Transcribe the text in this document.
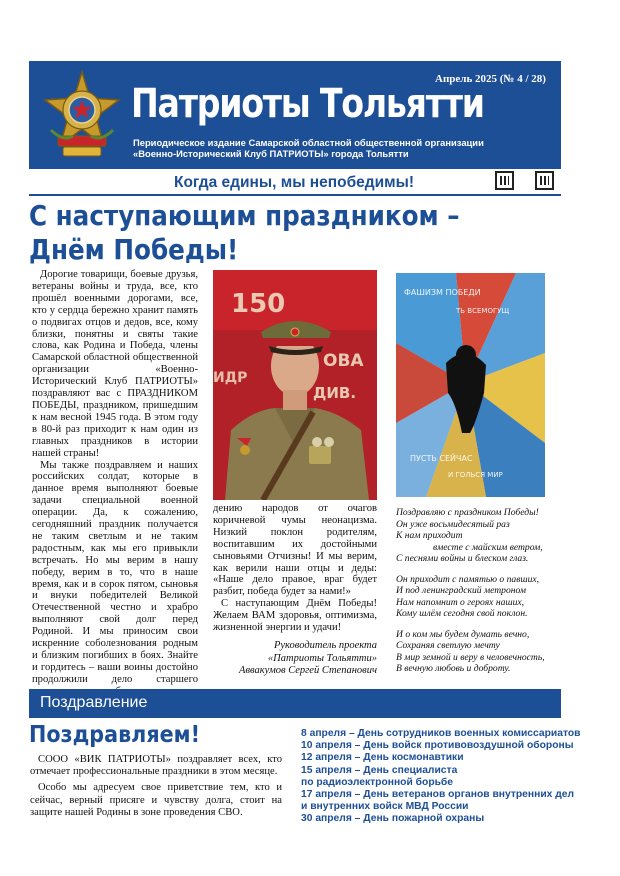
Апрель 2025 (№ 4 / 28)
Патриоты Тольятти
Периодическое издание Самарской областной общественной организации
«Военно-Исторический Клуб ПАТРИОТЫ» города Тольятти
Когда едины, мы непобедимы!
С наступающим праздником –
Днём Победы!

Дорогие товарищи, боевые друзья, ветераны войны и труда, все, кто прошёл военными дорогами, все, кто у сердца бережно хранит память о подвигах отцов и дедов, все, кому близки, понятны и святы такие слова, как Родина и Победа, члены Самарской областной общественной организации «Военно-Исторический Клуб ПАТРИОТЫ» поздравляют вас с ПРАЗДНИКОМ ПОБЕДЫ, праздником, пришедшим к нам весной 1945 года. В этом году в 80-й раз приходит к нам один из главных праздников в истории нашей страны!

Мы также поздравляем и наших российских солдат, которые в данное время выполняют боевые задачи специальной военной операции. Да, к сожалению, сегодняшний праздник получается не таким светлым и не таким радостным, как мы его привыкли встречать. Но мы верим в нашу победу, верим в то, что в наше время, как и в сорок пятом, сыновья и внуки победителей Великой Отечественной честно и храбро выполняют свой долг перед Родиной. И мы приносим свои искренние соболезнования родным и близким погибших в боях. Знайте и гордитесь – ваши воины достойно продолжили дело старшего

150
ОВА
ДИВ.
ИДР
ФАШИЗМ ПОБЕДИ
ТЬ ВСЕМОГУЩ
ПУСТЬ СЕЙЧАС
И ГОЛЬСЯ МИР

дению народов от очагов коричневой чумы неонацизма. Низкий поклон родителям, воспитавшим их достойными сыновьями Отчизны! И мы верим, как верили наши отцы и деды: «Наше дело правое, враг будет разбит, победа будет за нами!»

С наступающим Днём Победы! Желаем ВАМ здоровья, оптимизма, жизненной энергии и удачи!

Руководитель проекта
«Патриоты Тольятти»
Аввакумов Сергей Степанович
Поздравляю с праздником Победы!
Он уже восьмидесятый раз
К нам приходит
вместе с майским ветром,
С песнями войны и блеском глаз.
Он приходит с памятью о павших,
И под ленинградский метроном
Нам напомнит о героях наших,
Кому шлём сегодня свой поклон.
И о ком мы будем думать вечно,
Сохраняя светлую мечту
В мир земной и веру в человечность,
В вечную любовь и доброту.
Поздравление
Поздравляем!

СООО «ВИК ПАТРИОТЫ» поздравляет всех, кто отмечает профессиональные праздники в этом месяце.

Особо мы адресуем свое приветствие тем, кто и сейчас, верный присяге и чувству долга, стоит на защите нашей Родины в зоне проведения СВО.

8 апреля – День сотрудников военных комиссариатов
10 апреля – День войск противовоздушной обороны
12 апреля – День космонавтики
15 апреля – День специалиста
по радиоэлектронной борьбе
17 апреля – День ветеранов органов внутренних дел
и внутренних войск МВД России
30 апреля – День пожарной охраны
